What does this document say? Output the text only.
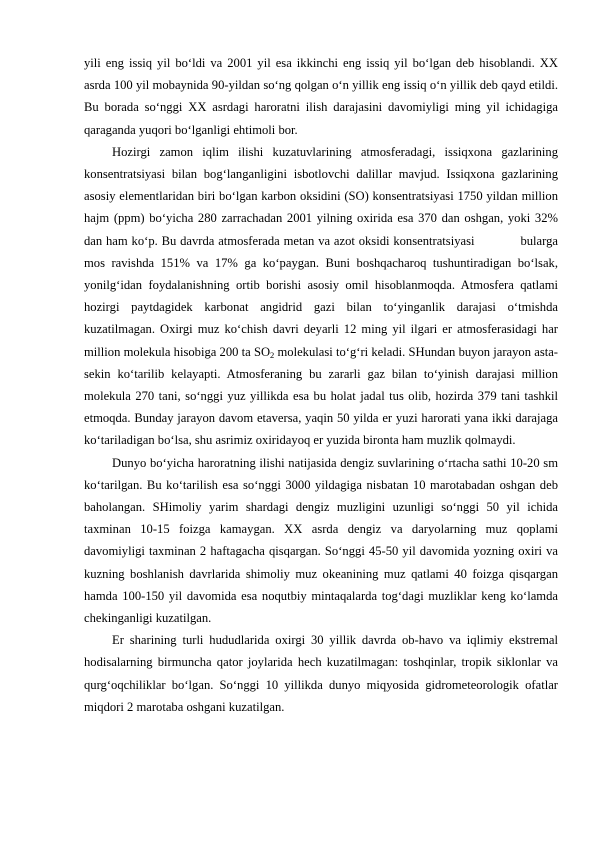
yili eng issiq yil bo‘ldi va 2001 yil esa ikkinchi eng issiq yil bo‘lgan deb hisoblandi. XX asrda 100 yil mobaynida 90-yildan so‘ng qolgan o‘n yillik eng issiq o‘n yillik deb qayd etildi. Bu borada so‘nggi XX asrdagi haroratni ilish darajasini davomiyligi ming yil ichidagiga qaraganda yuqori bo‘lganligi ehtimoli bor.

Hozirgi zamon iqlim ilishi kuzatuvlarining atmosferadagi, issiqxona gazlarining konsentratsiyasi bilan bog‘langanligini isbotlovchi dalillar mavjud. Issiqxona gazlarining asosiy elementlaridan biri bo‘lgan karbon oksidini (SO) konsentratsiyasi 1750 yildan million hajm (ppm) bo‘yicha 280 zarrachadan 2001 yilning oxirida esa 370 dan oshgan, yoki 32% dan ham ko‘p. Bu davrda atmosferada metan va azot oksidi konsentratsiyasi            bularga mos ravishda 151% va 17% ga ko‘paygan. Buni boshqacharoq tushuntiradigan bo‘lsak, yonilg‘idan foydalanishning ortib borishi asosiy omil hisoblanmoqda. Atmosfera qatlami hozirgi paytdagidek karbonat angidrid gazi bilan to‘yinganlik darajasi o‘tmishda kuzatilmagan. Oxirgi muz ko‘chish davri deyarli 12 ming yil ilgari er atmosferasidagi har million molekula hisobiga 200 ta $SO_2$ molekulasi to‘g‘ri keladi. SHundan buyon jarayon asta-sekin ko‘tarilib kelayapti. Atmosferaning bu zararli gaz bilan to‘yinish darajasi million molekula 270 tani, so‘nggi yuz yillikda esa bu holat jadal tus olib, hozirda 379 tani tashkil etmoqda. Bunday jarayon davom etaversa, yaqin 50 yilda er yuzi harorati yana ikki darajaga ko‘tariladigan bo‘lsa, shu asrimiz oxiridayoq er yuzida bironta ham muzlik qolmaydi.

Dunyo bo‘yicha haroratning ilishi natijasida dengiz suvlarining o‘rtacha sathi 10-20 sm ko‘tarilgan. Bu ko‘tarilish esa so‘nggi 3000 yildagiga nisbatan 10 marotabadan oshgan deb baholangan. SHimoliy yarim shardagi dengiz muzligini uzunligi so‘nggi 50 yil ichida taxminan 10-15 foizga kamaygan. XX asrda dengiz va daryolarning muz qoplami davomiyligi taxminan 2 haftagacha qisqargan. So‘nggi 45-50 yil davomida yozning oxiri va kuzning boshlanish davrlarida shimoliy muz okeanining muz qatlami 40 foizga qisqargan hamda 100-150 yil davomida esa noqutbiy mintaqalarda tog‘dagi muzliklar keng ko‘lamda chekinganligi kuzatilgan.

Er sharining turli hududlarida oxirgi 30 yillik davrda ob-havo va iqlimiy ekstremal hodisalarning birmuncha qator joylarida hech kuzatilmagan: toshqinlar, tropik siklonlar va qurg‘oqchiliklar bo‘lgan. So‘nggi 10 yillikda dunyo miqyosida gidrometeorologik ofatlar miqdori 2 marotaba oshgani kuzatilgan.
